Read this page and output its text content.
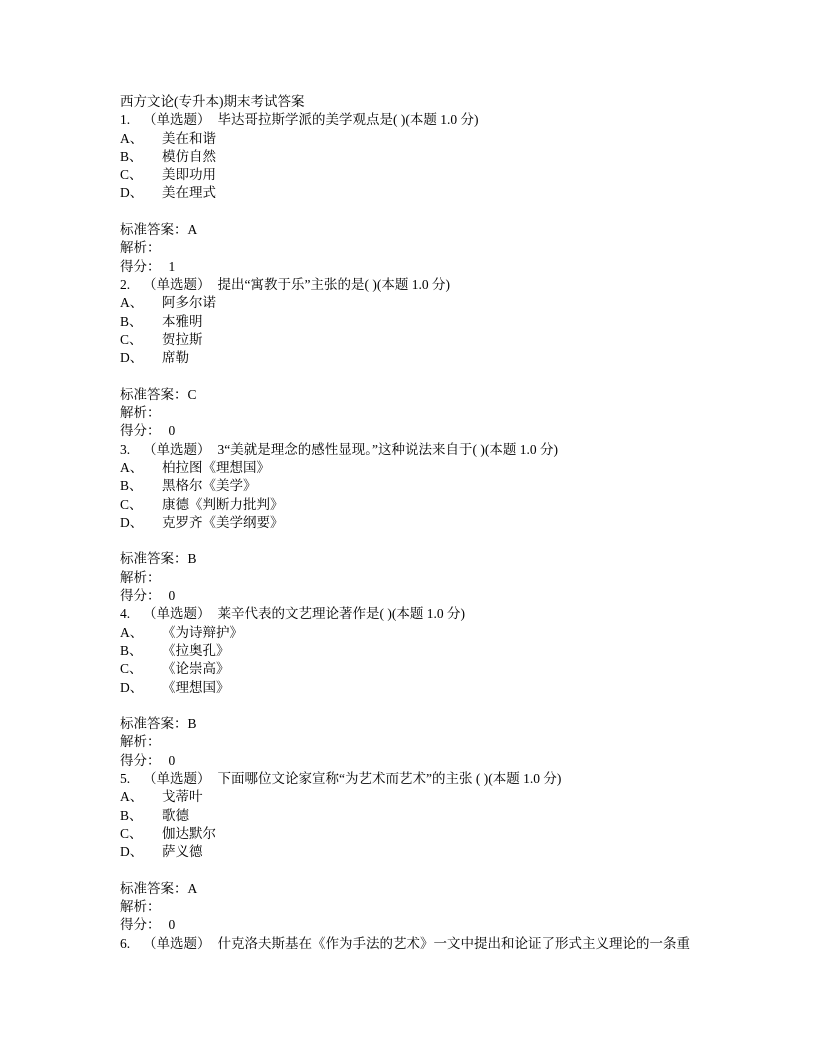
西方文论(专升本)期末考试答案
1. （单选题） 毕达哥拉斯学派的美学观点是( )(本题 1.0 分)
A、	美在和谐
B、	模仿自然
C、	美即功用
D、	美在理式
标准答案： A
解析：
得分： 1
2. （单选题） 提出“寓教于乐”主张的是( )(本题 1.0 分)
A、	阿多尔诺
B、	本雅明
C、	贺拉斯
D、	席勒
标准答案： C
解析：
得分： 0
3. （单选题） 3“美就是理念的感性显现。”这种说法来自于( )(本题 1.0 分)
A、	柏拉图《理想国》
B、	黑格尔《美学》
C、	康德《判断力批判》
D、	克罗齐《美学纲要》
标准答案： B
解析：
得分： 0
4. （单选题） 莱辛代表的文艺理论著作是( )(本题 1.0 分)
A、	《为诗辩护》
B、	《拉奥孔》
C、	《论崇高》
D、	《理想国》
标准答案： B
解析：
得分： 0
5. （单选题） 下面哪位文论家宣称“为艺术而艺术”的主张 ( )(本题 1.0 分)
A、	戈蒂叶
B、	歌德
C、	伽达默尔
D、	萨义德
标准答案： A
解析：
得分： 0
6. （单选题） 什克洛夫斯基在《作为手法的艺术》一文中提出和论证了形式主义理论的一条重
